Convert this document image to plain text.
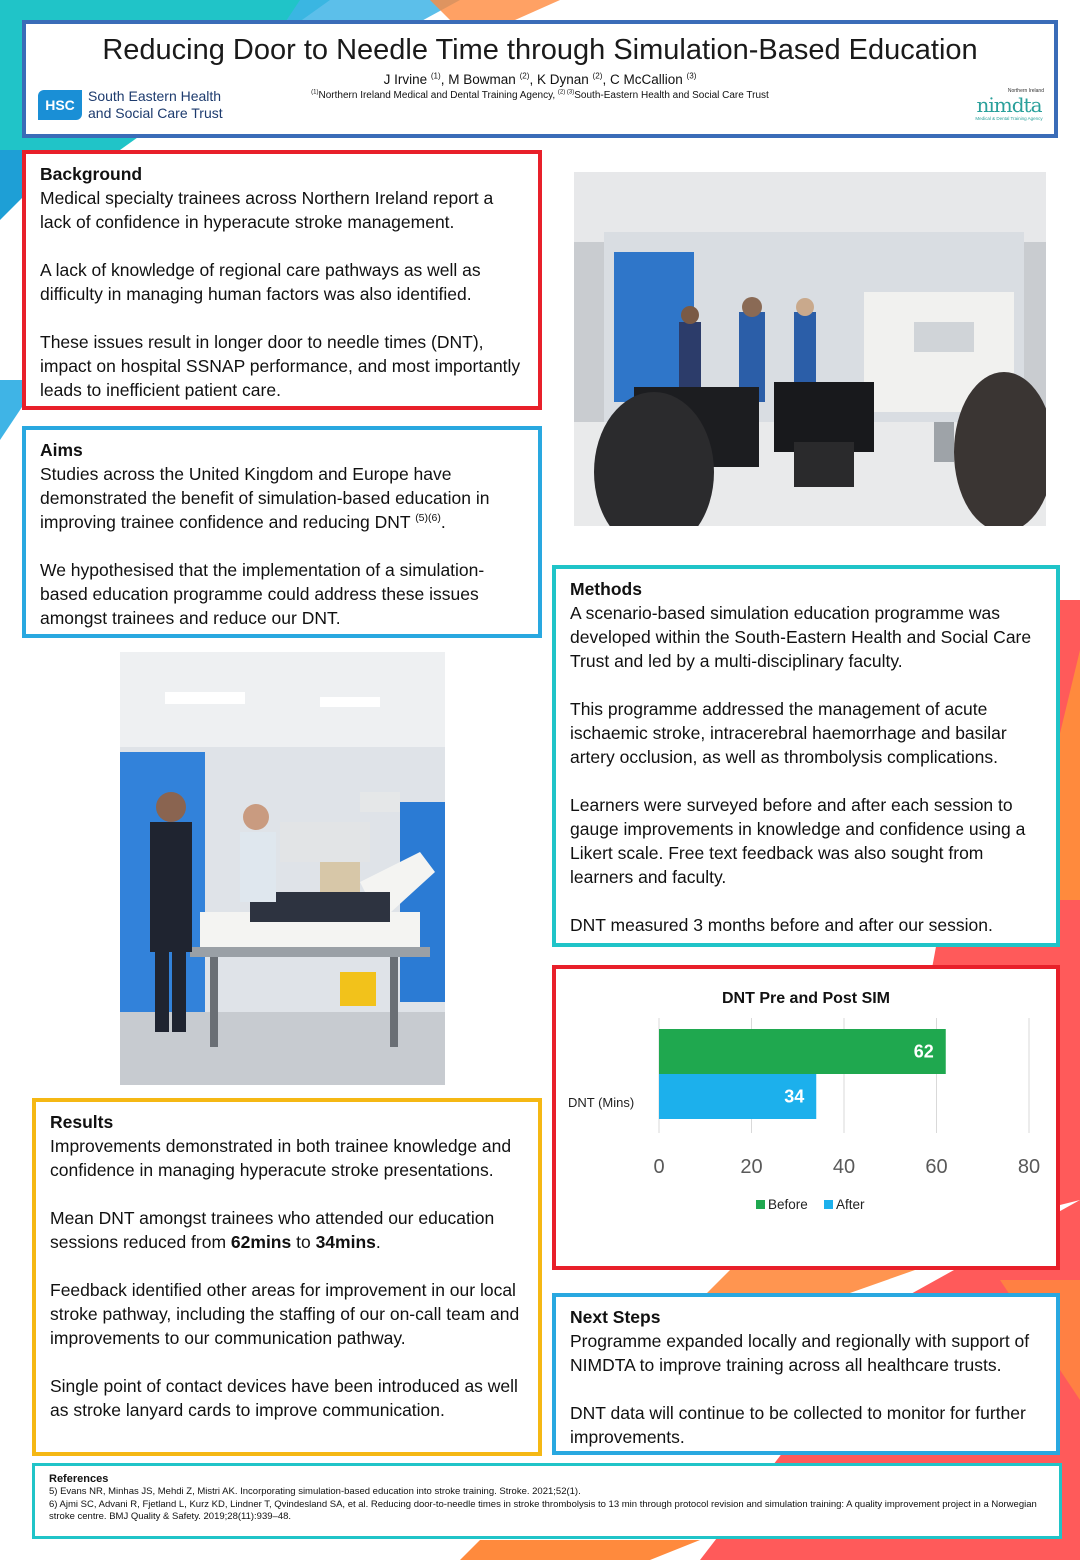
Reducing Door to Needle Time through Simulation-Based Education
J Irvine $^{(1)}$, M Bowman $^{(2)}$, K Dynan $^{(2)}$, C McCallion $^{(3)}$
$^{(1)}$Northern Ireland Medical and Dental Training Agency, $^{(2) (3)}$South-Eastern Health and Social Care Trust
HSC
South Eastern Health
and Social Care Trust
Northern Ireland
nimdta
Medical & Dental Training Agency
Background

Medical specialty trainees across Northern Ireland report a lack of confidence in hyperacute stroke management.

A lack of knowledge of regional care pathways as well as difficulty in managing human factors was also identified.

These issues result in longer door to needle times (DNT), impact on hospital SSNAP performance, and most importantly leads to inefficient patient care.

Aims

Studies across the United Kingdom and Europe have demonstrated the benefit of simulation-based education in improving trainee confidence and reducing DNT $^{(5)(6)}$.

We hypothesised that the implementation of a simulation-based education programme could address these issues amongst trainees and reduce our DNT.

Methods

A scenario-based simulation education programme was developed within the South-Eastern Health and Social Care Trust and led by a multi-disciplinary faculty.

This programme addressed the management of acute ischaemic stroke, intracerebral haemorrhage and basilar artery occlusion, as well as thrombolysis complications.

Learners were surveyed before and after each session to gauge improvements in knowledge and confidence using a Likert scale. Free text feedback was also sought from learners and faculty.

DNT measured 3 months before and after our session.

DNT Pre and Post SIM
62
34
0	20	40	60	80
DNT (Mins)
Before After
Results

Improvements demonstrated in both trainee knowledge and confidence in managing hyperacute stroke presentations.

Mean DNT amongst trainees who attended our education sessions reduced from 62mins to 34mins.

Feedback identified other areas for improvement in our local stroke pathway, including the staffing of our on-call team and improvements to our communication pathway.

Single point of contact devices have been introduced as well as stroke lanyard cards to improve communication.

Next Steps

Programme expanded locally and regionally with support of NIMDTA to improve training across all healthcare trusts.

DNT data will continue to be collected to monitor for further improvements.

References
5) Evans NR, Minhas JS, Mehdi Z, Mistri AK. Incorporating simulation-based education into stroke training. Stroke. 2021;52(1).
6) Ajmi SC, Advani R, Fjetland L, Kurz KD, Lindner T, Qvindesland SA, et al. Reducing door-to-needle times in stroke thrombolysis to 13 min through protocol revision and simulation training: A quality improvement project in a Norwegian stroke centre. BMJ Quality & Safety. 2019;28(11):939–48.
